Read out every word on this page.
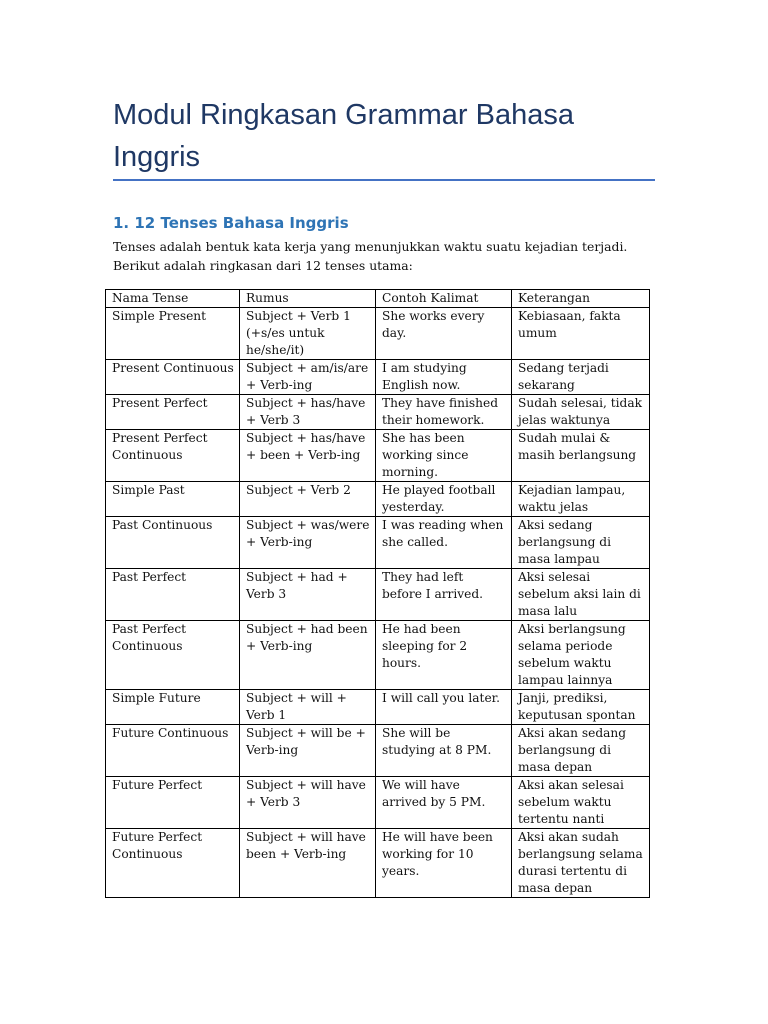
Modul Ringkasan Grammar Bahasa Inggris
1. 12 Tenses Bahasa Inggris

Tenses adalah bentuk kata kerja yang menunjukkan waktu suatu kejadian terjadi. Berikut adalah ringkasan dari 12 tenses utama:

Nama Tense	Rumus	Contoh Kalimat	Keterangan
Simple Present	Subject + Verb 1 (+s/es untuk he/she/it)	She works every day.	Kebiasaan, fakta umum
Present Continuous	Subject + am/is/are + Verb-ing	I am studying English now.	Sedang terjadi sekarang
Present Perfect	Subject + has/have + Verb 3	They have finished their homework.	Sudah selesai, tidak jelas waktunya
Present Perfect Continuous	Subject + has/have + been + Verb-ing	She has been working since morning.	Sudah mulai & masih berlangsung
Simple Past	Subject + Verb 2	He played football yesterday.	Kejadian lampau, waktu jelas
Past Continuous	Subject + was/were + Verb-ing	I was reading when she called.	Aksi sedang berlangsung di masa lampau
Past Perfect	Subject + had + Verb 3	They had left before I arrived.	Aksi selesai sebelum aksi lain di masa lalu
Past Perfect Continuous	Subject + had been + Verb-ing	He had been sleeping for 2 hours.	Aksi berlangsung selama periode sebelum waktu lampau lainnya
Simple Future	Subject + will + Verb 1	I will call you later.	Janji, prediksi, keputusan spontan
Future Continuous	Subject + will be + Verb-ing	She will be studying at 8 PM.	Aksi akan sedang berlangsung di masa depan
Future Perfect	Subject + will have + Verb 3	We will have arrived by 5 PM.	Aksi akan selesai sebelum waktu tertentu nanti
Future Perfect Continuous	Subject + will have been + Verb-ing	He will have been working for 10 years.	Aksi akan sudah berlangsung selama durasi tertentu di masa depan
